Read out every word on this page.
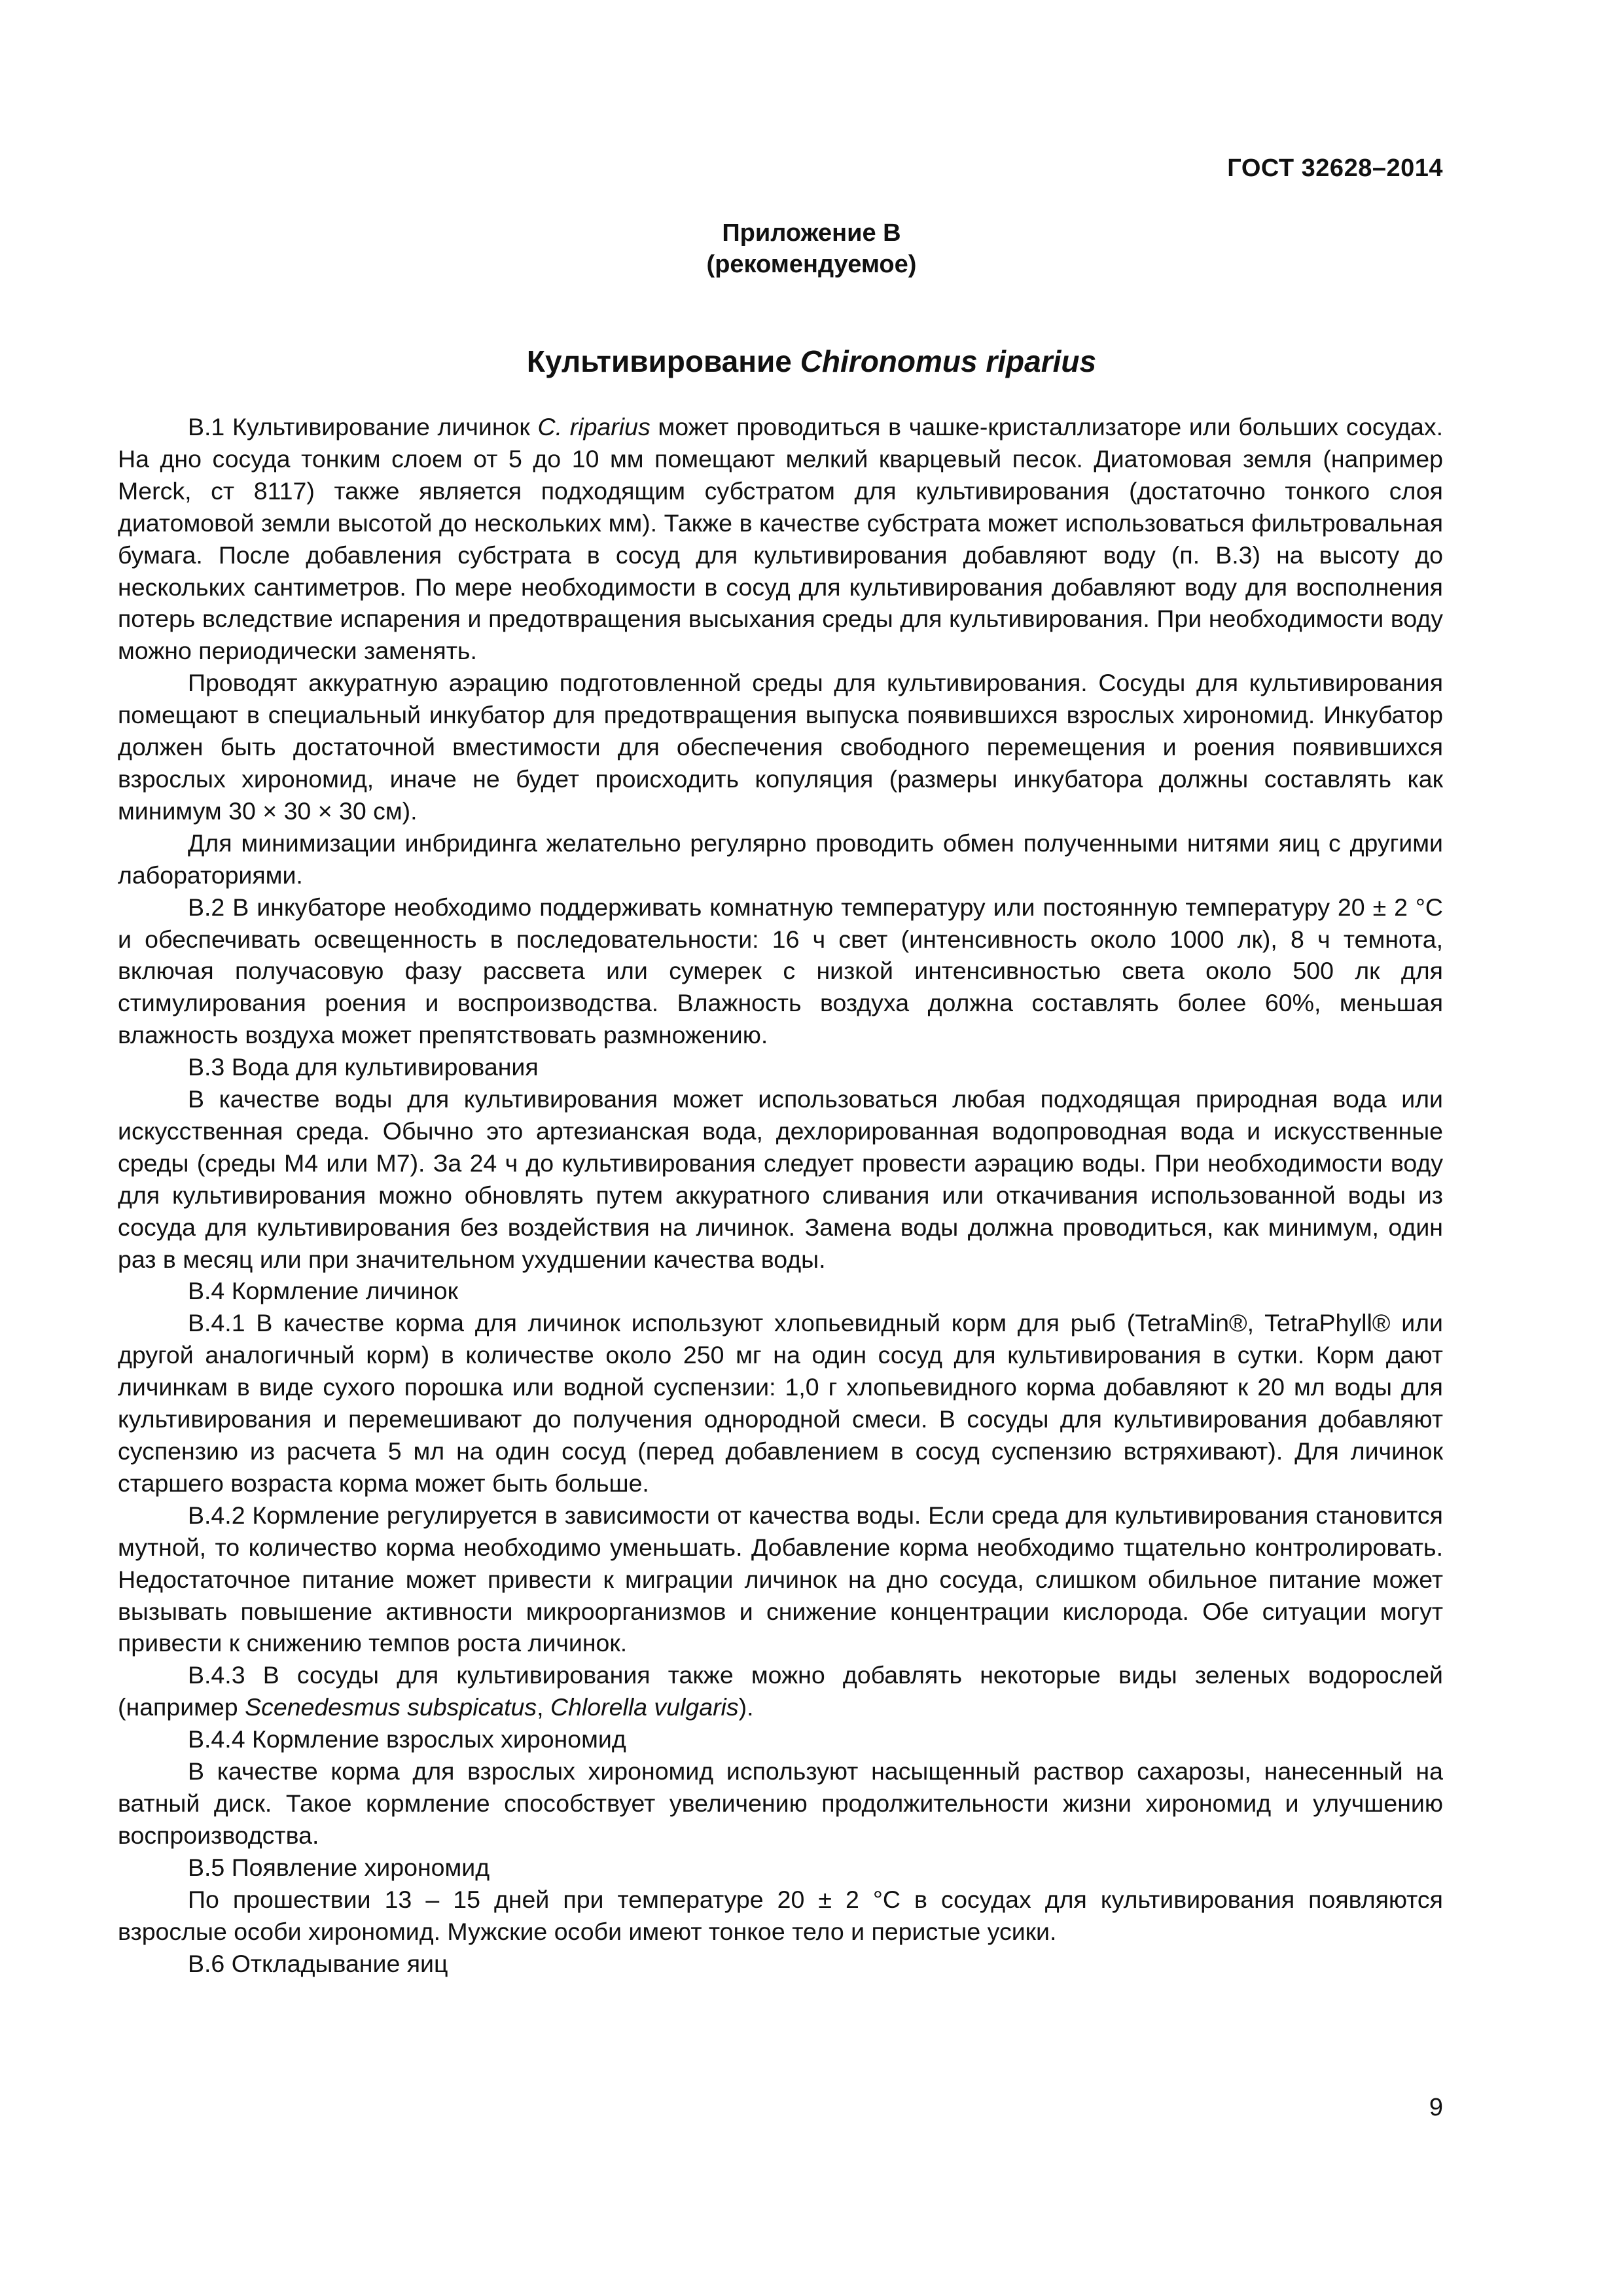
ГОСТ 32628–2014
Приложение В
(рекомендуемое)
Культивирование Chironomus riparius

В.1 Культивирование личинок C. riparius может проводиться в чашке-кристаллизаторе или больших сосудах. На дно сосуда тонким слоем от 5 до 10 мм помещают мелкий кварцевый песок. Диатомовая земля (например Merck, ст 8117) также является подходящим субстратом для культивирования (достаточно тонкого слоя диатомовой земли высотой до нескольких мм). Также в качестве субстрата может использоваться фильтровальная бумага. После добавления субстрата в сосуд для культивирования добавляют воду (п. В.3) на высоту до нескольких сантиметров. По мере необходимости в сосуд для культивирования добавляют воду для восполнения потерь вследствие испарения и предотвращения высыхания среды для культивирования. При необходимости воду можно периодически заменять.

Проводят аккуратную аэрацию подготовленной среды для культивирования. Сосуды для культивирования помещают в специальный инкубатор для предотвращения выпуска появившихся взрослых хирономид. Инкубатор должен быть достаточной вместимости для обеспечения свободного перемещения и роения появившихся взрослых хирономид, иначе не будет происходить копуляция (размеры инкубатора должны составлять как минимум 30 × 30 × 30 см).

Для минимизации инбридинга желательно регулярно проводить обмен полученными нитями яиц с другими лабораториями.

В.2 В инкубаторе необходимо поддерживать комнатную температуру или постоянную температуру 20 ± 2 °С и обеспечивать освещенность в последовательности: 16 ч свет (интенсивность около 1000 лк), 8 ч темнота, включая получасовую фазу рассвета или сумерек с низкой интенсивностью света около 500 лк для стимулирования роения и воспроизводства. Влажность воздуха должна составлять более 60%, меньшая влажность воздуха может препятствовать размножению.

В.3 Вода для культивирования

В качестве воды для культивирования может использоваться любая подходящая природная вода или искусственная среда. Обычно это артезианская вода, дехлорированная водопроводная вода и искусственные среды (среды М4 или М7). За 24 ч до культивирования следует провести аэрацию воды. При необходимости воду для культивирования можно обновлять путем аккуратного сливания или откачивания использованной воды из сосуда для культивирования без воздействия на личинок. Замена воды должна проводиться, как минимум, один раз в месяц или при значительном ухудшении качества воды.

В.4 Кормление личинок

В.4.1 В качестве корма для личинок используют хлопьевидный корм для рыб (TetraMin®, TetraPhyll® или другой аналогичный корм) в количестве около 250 мг на один сосуд для культивирования в сутки. Корм дают личинкам в виде сухого порошка или водной суспензии: 1,0 г хлопьевидного корма добавляют к 20 мл воды для культивирования и перемешивают до получения однородной смеси. В сосуды для культивирования добавляют суспензию из расчета 5 мл на один сосуд (перед добавлением в сосуд суспензию встряхивают). Для личинок старшего возраста корма может быть больше.

В.4.2 Кормление регулируется в зависимости от качества воды. Если среда для культивирования становится мутной, то количество корма необходимо уменьшать. Добавление корма необходимо тщательно контролировать. Недостаточное питание может привести к миграции личинок на дно сосуда, слишком обильное питание может вызывать повышение активности микроорганизмов и снижение концентрации кислорода. Обе ситуации могут привести к снижению темпов роста личинок.

В.4.3 В сосуды для культивирования также можно добавлять некоторые виды зеленых водорослей (например Scenedesmus subspicatus, Chlorella vulgaris).

В.4.4 Кормление взрослых хирономид

В качестве корма для взрослых хирономид используют насыщенный раствор сахарозы, нанесенный на ватный диск. Такое кормление способствует увеличению продолжительности жизни хирономид и улучшению воспроизводства.

В.5 Появление хирономид

По прошествии 13 – 15 дней при температуре 20 ± 2 °С в сосудах для культивирования появляются взрослые особи хирономид. Мужские особи имеют тонкое тело и перистые усики.

В.6 Откладывание яиц

9
